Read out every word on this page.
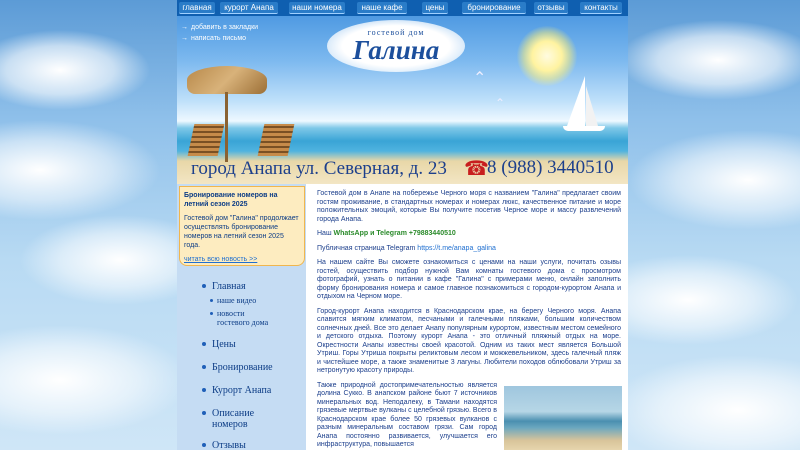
главная	курорт Анапа	наши номера	наше кафе	цены	бронирование	отзывы	контакты
→ добавить в закладки
→ написать письмо
гостевой дом
Галина
⌃
⌃
город Анапа ул. Северная, д. 23 ☎
8 (988) 3440510
Бронирование номеров на летний сезон 2025
Гостевой дом "Галина" продолжает осуществлять бронирование номеров на летний сезон 2025 года.
читать всю новость >>
Главная
наше видео
новости гостевого дома
Цены
Бронирование
Курорт Анапа
Описание номеров
Отзывы

Гостевой дом в Анапе на побережье Черного моря с названием "Галина" предлагает своим гостям проживание, в стандартных номерах и номерах люкс, качественное питание и море положительных эмоций, которые Вы получите посетив Черное море и массу развлечений города Анапа.

Наш WhatsApp и Telegram +79883440510

Публичная страница Telegram https://t.me/anapa_galina

На нашем сайте Вы сможете ознакомиться с ценами на наши услуги, почитать озывы гостей, осуществить подбор нужной Вам комнаты гостевого дома с просмотром фотографий, узнать о питании в кафе "Галина" с примерами меню, онлайн заполнить форму бронирования номера и самое главное познакомиться с городом-курортом Анапа и отдыхом на Черном море.

Город-курорт Анапа находится в Краснодарском крае, на берегу Черного моря. Анапа славится мягким климатом, песчаными и галечными пляжами, большим количеством солнечных дней. Все это делает Анапу популярным курортом, известным местом семейного и детского отдыха. Поэтому курорт Анапа - это отличный пляжный отдых на море. Окрестности Анапы известны своей красотой. Одним из таких мест является Большой Утриш. Горы Утриша покрыты реликтовым лесом и можжевельником, здесь галечный пляж и чистейшее море, а также знаменитые 3 лагуны. Любители походов облюбовали Утриш за нетронутую красоту природы.

Также природной достопримечательностью является долина Сукко. В анапском районе бьют 7 источников минеральных вод. Неподалеку, в Тамани находятся грязевые мертвые вулканы с целебной грязью. Всего в Краснодарском крае более 50 грязевых вулканов с разным минеральным составом грязи. Сам город Анапа постоянно развивается, улучшается его инфраструктура, повышается
